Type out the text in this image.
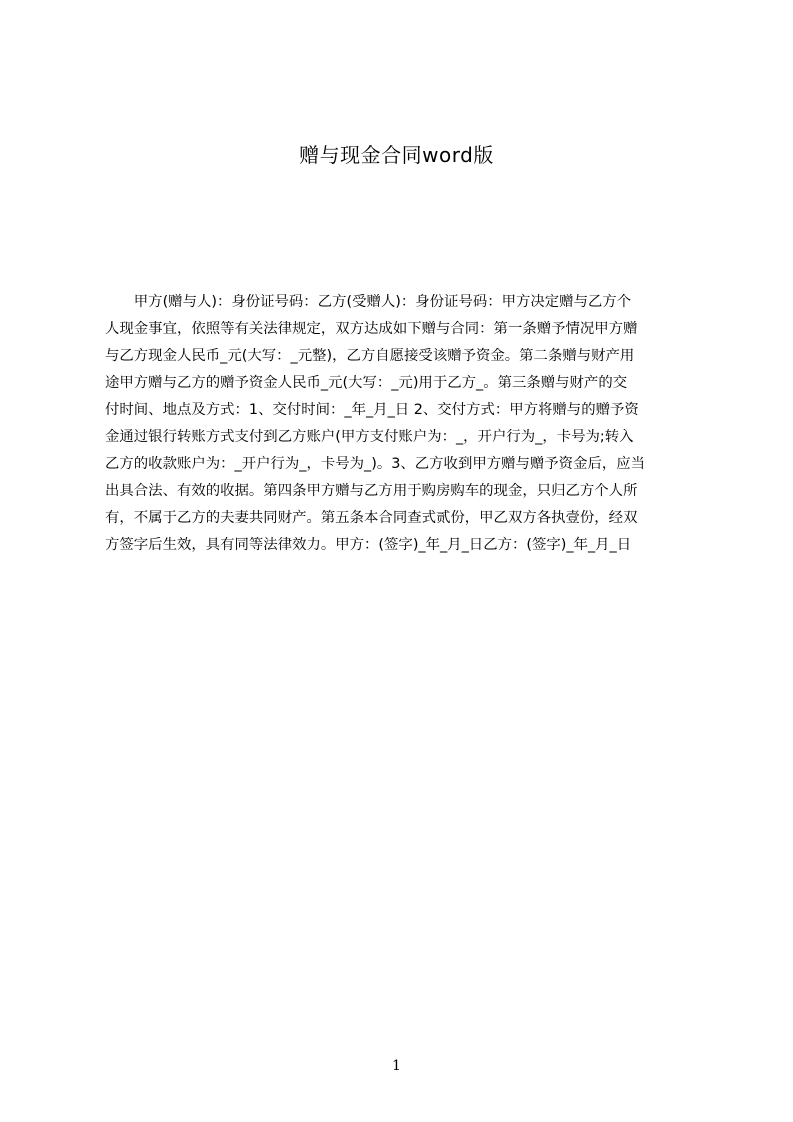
赠与现金合同word版
　　甲方(赠与人)：身份证号码：乙方(受赠人)：身份证号码：甲方决定赠与乙方个
人现金事宜，依照等有关法律规定，双方达成如下赠与合同：第一条赠予情况甲方赠
与乙方现金人民币_元(大写：_元整)，乙方自愿接受该赠予资金。第二条赠与财产用
途甲方赠与乙方的赠予资金人民币_元(大写：_元)用于乙方_。第三条赠与财产的交
付时间、地点及方式：1、交付时间：_年_月_日 2、交付方式：甲方将赠与的赠予资
金通过银行转账方式支付到乙方账户(甲方支付账户为：_，开户行为_，卡号为;转入
乙方的收款账户为：_开户行为_，卡号为_)。3、乙方收到甲方赠与赠予资金后，应当
出具合法、有效的收据。第四条甲方赠与乙方用于购房购车的现金，只归乙方个人所
有，不属于乙方的夫妻共同财产。第五条本合同查式贰份，甲乙双方各执壹份，经双
方签字后生效，具有同等法律效力。甲方：(签字)_年_月_日乙方：(签字)_年_月_日
1
